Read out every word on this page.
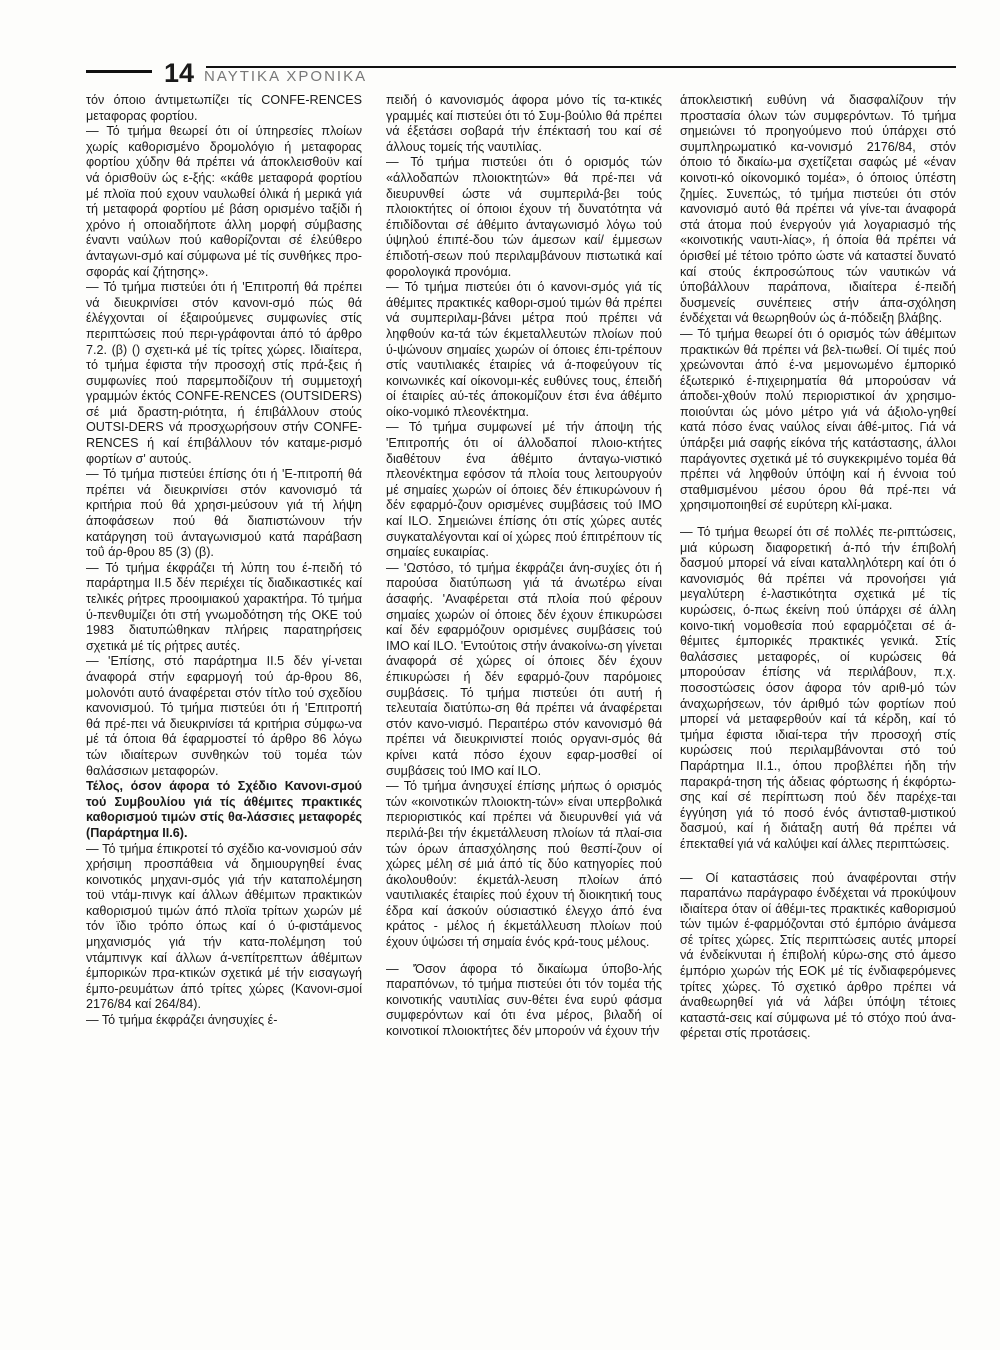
14 ΝΑΥΤΙΚΑ ΧΡΟΝΙΚΑ

τόν όποιο άντιμετωπίζει τίς CONFE-RENCES μεταφορας φορτίου.

— Τό τμήμα θεωρεί ότι οί ύπηρεσίες πλοίων χωρίς καθορισμένο δρομολόγιο ή μεταφορας φορτίου χύδην θά πρέπει νά άποκλεισθοϋν καί νά όρισθοϋν ώς ε-ξής: «κάθε μεταφορά φορτίου μέ πλοϊα πού εχουν ναυλωθεί όλικά ή μερικά γιά τή μεταφορά φορτίου μέ βάση ορισμένο ταξίδι ή χρόνο ή οποιαδήποτε άλλη μορφή σύμβασης έναντι ναύλων πού καθορίζονται σέ έλεύθερο άνταγωνι-σμό καί σύμφωνα μέ τίς συνθήκες προ-σφοράς καί ζήτησης».

— Τό τμήμα πιστεύει ότι ή 'Επιτροπή θά πρέπει νά διευκρινίσει στόν κανονι-σμό πώς θά έλέγχονται οί έξαιρούμενες συμφωνίες στίς περιπτώσεις πού περι-γράφονται άπό τό άρθρο 7.2. (β) () σχετι-κά μέ τίς τρίτες χώρες. Ιδιαίτερα, τό τμήμα έφιστα τήν προσοχή στίς πρά-ξεις ή συμφωνίες πού παρεμποδίζουν τή συμμετοχή γραμμών έκτός CONFE-RENCES (OUTSIDERS) σέ μιά δραστη-ριότητα, ή έπιβάλλουν στούς OUTSI-DERS νά προσχωρήσουν στήν CONFE-RENCES ή καί έπιβάλλουν τόν καταμε-ρισμό φορτίων σ' αυτούς.

— Τό τμήμα πιστεύει έπίσης ότι ή 'Ε-πιτροπή θά πρέπει νά διευκρινίσει στόν κανονισμό τά κριτήρια πού θά χρησι-μεύσουν γιά τή λήψη άποφάσεων πού θά διαπιστώνουν τήν κατάργηση τοϋ άνταγωνισμού κατά παράβαση τοΰ άρ-θρου 85 (3) (β).

— Τό τμήμα έκφράζει τή λύπη του έ-πειδή τό παράρτημα ΙΙ.5 δέν περιέχει τίς διαδικαστικές καί τελικές ρήτρες προοιμιακού χαρακτήρα. Τό τμήμα ύ-πενθυμίζει ότι στή γνωμοδότηση τής ΟΚΕ τού 1983 διατυπώθηκαν πλήρεις παρατηρήσεις σχετικά μέ τίς ρήτρες αυτές.

— 'Επίσης, στό παράρτημα ΙΙ.5 δέν γί-νεται άναφορά στήν εφαρμογή τού άρ-θρου 86, μολονότι αυτό άναφέρεται στόν τίτλο τού σχεδίου κανονισμού. Τό τμήμα πιστεύει ότι ή 'Επιτροπή θά πρέ-πει νά διευκρινίσει τά κριτήρια σύμφω-να μέ τά όποια θά έφαρμοστεί τό άρθρο 86 λόγω τών ιδιαίτερων συνθηκών τοϋ τομέα τών θαλάσσιων μεταφορών.

Τέλος, όσον άφορα τό Σχέδιο Κανονι-σμού τού Συμβουλίου γιά τίς άθέμιτες πρακτικές καθορισμού τιμών στίς θα-λάσσιες μεταφορές (Παράρτημα ΙΙ.6).

— Τό τμήμα έπικροτεί τό σχέδιο κα-νονισμού σάν χρήσιμη προσπάθεια νά δημιουργηθεί ένας κοινοτικός μηχανι-σμός γιά τήν καταπολέμηση τοϋ ντάμ-πινγκ καί άλλων άθέμιτων πρακτικών καθορισμού τιμών άπό πλοϊα τρίτων χωρών μέ τόν ϊδιο τρόπο όπως καί ό ύ-φιστάμενος μηχανισμός γιά τήν κατα-πολέμηση τού ντάμπινγκ καί άλλων ά-νεπίτρεπτων άθέμιτων έμπορικών πρα-κτικών σχετικά μέ τήν εισαγωγή έμπο-ρευμάτων άπό τρίτες χώρες (Κανονι-σμοί 2176/84 καί 264/84).

— Τό τμήμα έκφράζει άνησυχίες έ-

πειδή ό κανονισμός άφορα μόνο τίς τα-κτικές γραμμές καί πιστεύει ότι τό Συμ-βούλιο θά πρέπει νά έξετάσει σοβαρά τήν έπέκτασή του καί σέ άλλους τομείς τής ναυτιλίας.

— Τό τμήμα πιστεύει ότι ό ορισμός τών «άλλοδαπών πλοιοκτητών» θά πρέ-πει νά διευρυνθεί ώστε νά συμπεριλά-βει τούς πλοιοκτήτες οί όποιοι έχουν τή δυνατότητα νά έπιδίδονται σέ άθέμιτο άνταγωνισμό λόγω τού ύψηλού έπιπέ-δου τών άμεσων καί/ έμμεσων έπιδοτή-σεων πού περιλαμβάνουν πιστωτικά καί φορολογικά προνόμια.

— Τό τμήμα πιστεύει ότι ό κανονι-σμός γιά τίς άθέμιτες πρακτικές καθορι-σμού τιμών θά πρέπει νά συμπεριλαμ-βάνει μέτρα πού πρέπει νά ληφθούν κα-τά τών έκμεταλλευτών πλοίων πού ύ-ψώνουν σημαίες χωρών οί όποιες έπι-τρέπουν στίς ναυτιλιακές έταιρίες νά ά-ποφεύγουν τίς κοινωνικές καί οίκονομι-κές ευθύνες τους, έπειδή οί έταιρίες αύ-τές άποκομίζουν έτσι ένα άθέμιτο οίκο-νομικό πλεονέκτημα.

— Τό τμήμα συμφωνεί μέ τήν άποψη τής 'Επιτροπής ότι οί άλλοδαποί πλοιο-κτήτες διαθέτουν ένα άθέμιτο άνταγω-νιστικό πλεονέκτημα εφόσον τά πλοία τους λειτουργούν μέ σημαίες χωρών οί όποιες δέν έπικυρώνουν ή δέν εφαρμό-ζουν ορισμένες συμβάσεις τού ΙΜΟ καί ILO. Σημειώνει έπίσης ότι στίς χώρες αυτές συγκαταλέγονται καί οί χώρες πού έπιτρέπουν τίς σημαίες ευκαιρίας.

— 'Ωστόσο, τό τμήμα έκφράζει άνη-συχίες ότι ή παρούσα διατύπωση γιά τά άνωτέρω είναι άσαφής. 'Αναφέρεται στά πλοία πού φέρουν σημαίες χωρών οί όποιες δέν έχουν έπικυρώσει καί δέν εφαρμόζουν ορισμένες συμβάσεις τού ΙΜΟ καί ILO. 'Εντούτοις στήν άνακοίνω-ση γίνεται άναφορά σέ χώρες οί όποιες δέν έχουν έπικυρώσει ή δέν εφαρμό-ζουν παρόμοιες συμβάσεις. Τό τμήμα πιστεύει ότι αυτή ή τελευταία διατύπω-ση θά πρέπει νά άναφέρεται στόν κανο-νισμό. Περαιτέρω στόν κανονισμό θά πρέπει νά διευκρινιστεί ποιός οργανι-σμός θά κρίνει κατά πόσο έχουν εφαρ-μοσθεί οί συμβάσεις τού ΙΜΟ καί ILO.

— Τό τμήμα άνησυχεί έπίσης μήπως ό ορισμός τών «κοινοτικών πλοιοκτη-τών» είναι υπερβολικά περιοριστικός καί πρέπει νά διευρυνθεί γιά νά περιλά-βει τήν έκμετάλλευση πλοίων τά πλαί-σια τών όρων άπασχόλησης πού θεσπί-ζουν οί χώρες μέλη σέ μιά άπό τίς δύο κατηγορίες πού άκολουθούν: έκμετάλ-λευση πλοίων άπό ναυτιλιακές έταιρίες πού έχουν τή διοικητική τους έδρα καί άσκούν ούσιαστικό έλεγχο άπό ένα κράτος - μέλος ή έκμετάλλευση πλοίων πού έχουν ύψώσει τή σημαία ένός κρά-τους μέλους.

— 'Όσον άφορα τό δικαίωμα ύποβο-λής παραπόνων, τό τμήμα πιστεύει ότι τόν τομέα τής κοινοτικής ναυτιλίας συν-θέτει ένα ευρύ φάσμα συμφερόντων καί ότι ένα μέρος, βιλαδή οί κοινοτικοί πλοιοκτήτες δέν μπορούν νά έχουν τήν

άποκλειστική ευθύνη νά διασφαλίζουν τήν προστασία όλων τών συμφερόντων. Τό τμήμα σημειώνει τό προηγούμενο πού ύπάρχει στό συμπληρωματικό κα-νονισμό 2176/84, στόν όποιο τό δικαίω-μα σχετίζεται σαφώς μέ «έναν κοινοτι-κό οίκονομικό τομέα», ό όποιος ύπέστη ζημίες. Συνεπώς, τό τμήμα πιστεύει ότι στόν κανονισμό αυτό θά πρέπει νά γίνε-ται άναφορά στά άτομα πού ένεργούν γιά λογαριασμό τής «κοινοτικής ναυτι-λίας», ή όποία θά πρέπει νά όρισθεί μέ τέτοιο τρόπο ώστε νά καταστεί δυνατό καί στούς έκπροσώπους τών ναυτικών νά ύποβάλλουν παράπονα, ιδιαίτερα έ-πειδή δυσμενείς συνέπειες στήν άπα-σχόληση ένδέχεται νά θεωρηθούν ώς ά-πόδειξη βλάβης.

— Τό τμήμα θεωρεί ότι ό ορισμός τών άθέμιτων πρακτικών θά πρέπει νά βελ-τιωθεί. Οί τιμές πού χρεώνονται άπό έ-να μεμονωμένο έμπορικό έξωτερικό έ-πιχειρηματία θά μπορούσαν νά άποδει-χθούν πολύ περιοριστικοί άν χρησιμο-ποιούνται ώς μόνο μέτρο γιά νά άξιολο-γηθεί κατά πόσο ένας ναύλος είναι άθέ-μιτος. Γιά νά ύπάρξει μιά σαφής είκόνα τής κατάστασης, άλλοι παράγοντες σχετικά μέ τό συγκεκριμένο τομέα θά πρέπει νά ληφθούν ύπόψη καί ή έννοια τού σταθμισμένου μέσου όρου θά πρέ-πει νά χρησιμοποιηθεί σέ ευρύτερη κλί-μακα.

— Τό τμήμα θεωρεί ότι σέ πολλές πε-ριπτώσεις, μιά κύρωση διαφορετική ά-πό τήν έπιβολή δασμού μπορεί νά είναι καταλληλότερη καί ότι ό κανονισμός θά πρέπει νά προνοήσει γιά μεγαλύτερη έ-λαστικότητα σχετικά μέ τίς κυρώσεις, ό-πως έκείνη πού ύπάρχει σέ άλλη κοινο-τική νομοθεσία πού εφαρμόζεται σέ ά-θέμιτες έμπορικές πρακτικές γενικά. Στίς θαλάσσιες μεταφορές, οί κυρώσεις θά μπορούσαν έπίσης νά περιλάβουν, π.χ. ποσοστώσεις όσον άφορα τόν αριθ-μό τών άναχωρήσεων, τόν άριθμό τών φορτίων πού μπορεί νά μεταφερθούν καί τά κέρδη, καί τό τμήμα έφιστα ιδιαί-τερα τήν προσοχή στίς κυρώσεις πού περιλαμβάνονται στό τού Παράρτημα ΙΙ.1., όπου προβλέπει ήδη τήν παρακρά-τηση τής άδειας φόρτωσης ή έκφόρτω-σης καί σέ περίπτωση πού δέν παρέχε-ται έγγύηση γιά τό ποσό ένός άντισταθ-μιστικού δασμού, καί ή διάταξη αυτή θά πρέπει νά έπεκταθεί γιά νά καλύψει καί άλλες περιπτώσεις.

— Οί καταστάσεις πού άναφέρονται στήν παραπάνω παράγραφο ένδέχεται νά προκύψουν ιδιαίτερα όταν οί άθέμι-τες πρακτικές καθορισμού τών τιμών έ-φαρμόζονται στό έμπόριο άνάμεσα σέ τρίτες χώρες. Στίς περιπτώσεις αυτές μπορεί νά ένδείκνυται ή έπιβολή κύρω-σης στό άμεσο έμπόριο χωρών τής ΕΟΚ μέ τίς ένδιαφερόμενες τρίτες χώρες. Τό σχετικό άρθρο πρέπει νά άναθεωρηθεί γιά νά λάβει ύπόψη τέτοιες καταστά-σεις καί σύμφωνα μέ τό στόχο πού άνα-φέρεται στίς προτάσεις.
